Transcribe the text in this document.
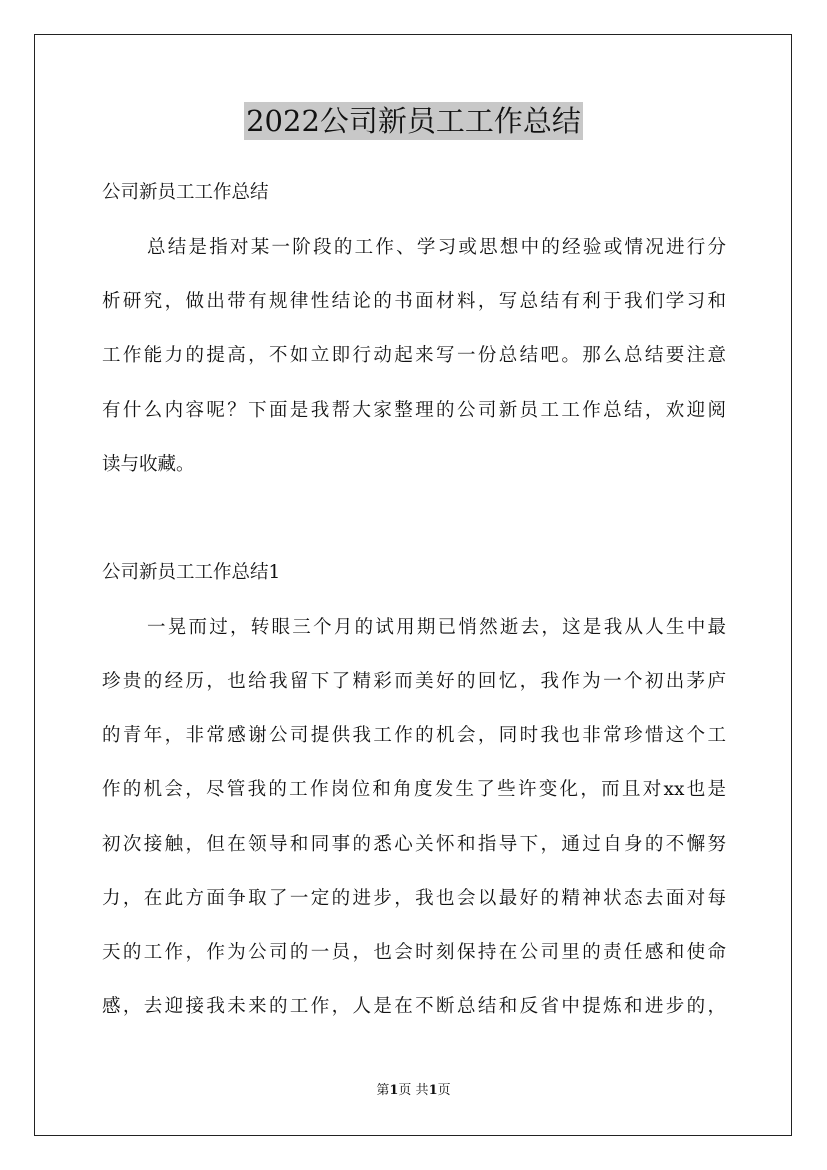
2022公司新员工工作总结
公司新员工工作总结
总结是指对某一阶段的工作、学习或思想中的经验或情况进行分
析研究，做出带有规律性结论的书面材料，写总结有利于我们学习和
工作能力的提高，不如立即行动起来写一份总结吧。那么总结要注意
有什么内容呢？下面是我帮大家整理的公司新员工工作总结，欢迎阅
读与收藏。
公司新员工工作总结1
一晃而过，转眼三个月的试用期已悄然逝去，这是我从人生中最
珍贵的经历，也给我留下了精彩而美好的回忆，我作为一个初出茅庐
的青年，非常感谢公司提供我工作的机会，同时我也非常珍惜这个工
作的机会，尽管我的工作岗位和角度发生了些许变化，而且对xx也是
初次接触，但在领导和同事的悉心关怀和指导下，通过自身的不懈努
力，在此方面争取了一定的进步，我也会以最好的精神状态去面对每
天的工作，作为公司的一员，也会时刻保持在公司里的责任感和使命
感，去迎接我未来的工作，人是在不断总结和反省中提炼和进步的，
第1页 共1页
